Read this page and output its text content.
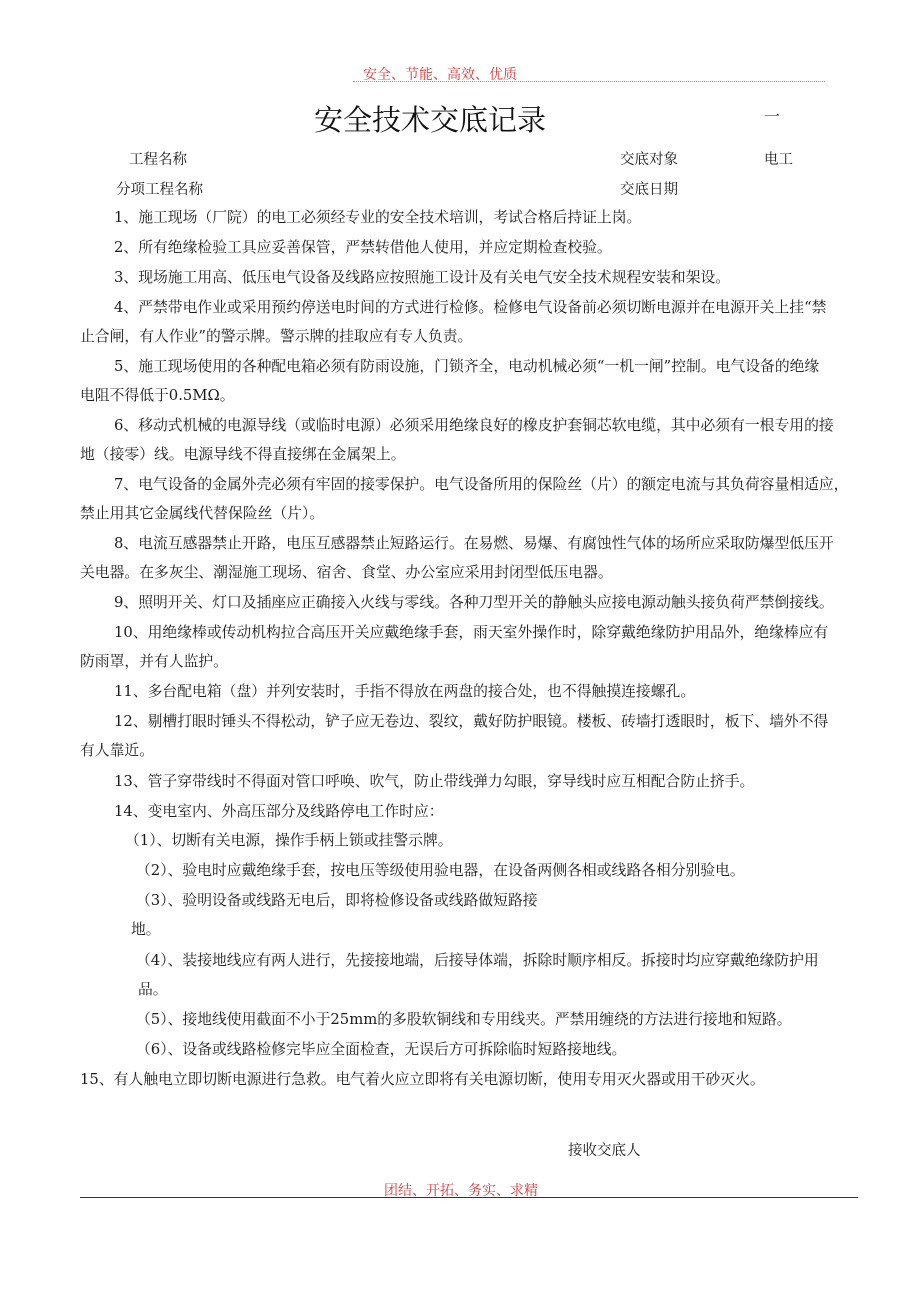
安全、节能、高效、优质
安全技术交底记录	一
工程名称	交底对象	电工
分项工程名称	交底日期
1、施工现场（厂院）的电工必须经专业的安全技术培训，考试合格后持证上岗。
2、所有绝缘检验工具应妥善保管，严禁转借他人使用，并应定期检查校验。
3、现场施工用高、低压电气设备及线路应按照施工设计及有关电气安全技术规程安装和架设。
4、严禁带电作业或采用预约停送电时间的方式进行检修。检修电气设备前必须切断电源并在电源开关上挂“禁
止合闸，有人作业”的警示牌。警示牌的挂取应有专人负责。
5、施工现场使用的各种配电箱必须有防雨设施，门锁齐全，电动机械必须“一机一闸”控制。电气设备的绝缘
电阻不得低于0.5MΩ。
6、移动式机械的电源导线（或临时电源）必须采用绝缘良好的橡皮护套铜芯软电缆，其中必须有一根专用的接
地（接零）线。电源导线不得直接绑在金属架上。
7、电气设备的金属外壳必须有牢固的接零保护。电气设备所用的保险丝（片）的额定电流与其负荷容量相适应，
禁止用其它金属线代替保险丝（片）。
8、电流互感器禁止开路，电压互感器禁止短路运行。在易燃、易爆、有腐蚀性气体的场所应采取防爆型低压开
关电器。在多灰尘、潮湿施工现场、宿舍、食堂、办公室应采用封闭型低压电器。
9、照明开关、灯口及插座应正确接入火线与零线。各种刀型开关的静触头应接电源动触头接负荷严禁倒接线。
10、用绝缘棒或传动机构拉合高压开关应戴绝缘手套，雨天室外操作时，除穿戴绝缘防护用品外，绝缘棒应有
防雨罩，并有人监护。
11、多台配电箱（盘）并列安装时，手指不得放在两盘的接合处，也不得触摸连接螺孔。
12、剔槽打眼时锤头不得松动，铲子应无卷边、裂纹，戴好防护眼镜。楼板、砖墙打透眼时，板下、墙外不得
有人靠近。
13、管子穿带线时不得面对管口呼唤、吹气，防止带线弹力勾眼，穿导线时应互相配合防止挤手。
14、变电室内、外高压部分及线路停电工作时应：
（1）、切断有关电源，操作手柄上锁或挂警示牌。
（2）、验电时应戴绝缘手套，按电压等级使用验电器，在设备两侧各相或线路各相分别验电。
（3）、验明设备或线路无电后，即将检修设备或线路做短路接
地。
（4）、装接地线应有两人进行，先接接地端，后接导体端，拆除时顺序相反。拆接时均应穿戴绝缘防护用
品。
（5）、接地线使用截面不小于25mm的多股软铜线和专用线夹。严禁用缠绕的方法进行接地和短路。
（6）、设备或线路检修完毕应全面检查，无误后方可拆除临时短路接地线。
15、有人触电立即切断电源进行急救。电气着火应立即将有关电源切断，使用专用灭火器或用干砂灭火。
接收交底人
团结、开拓、务实、求精
